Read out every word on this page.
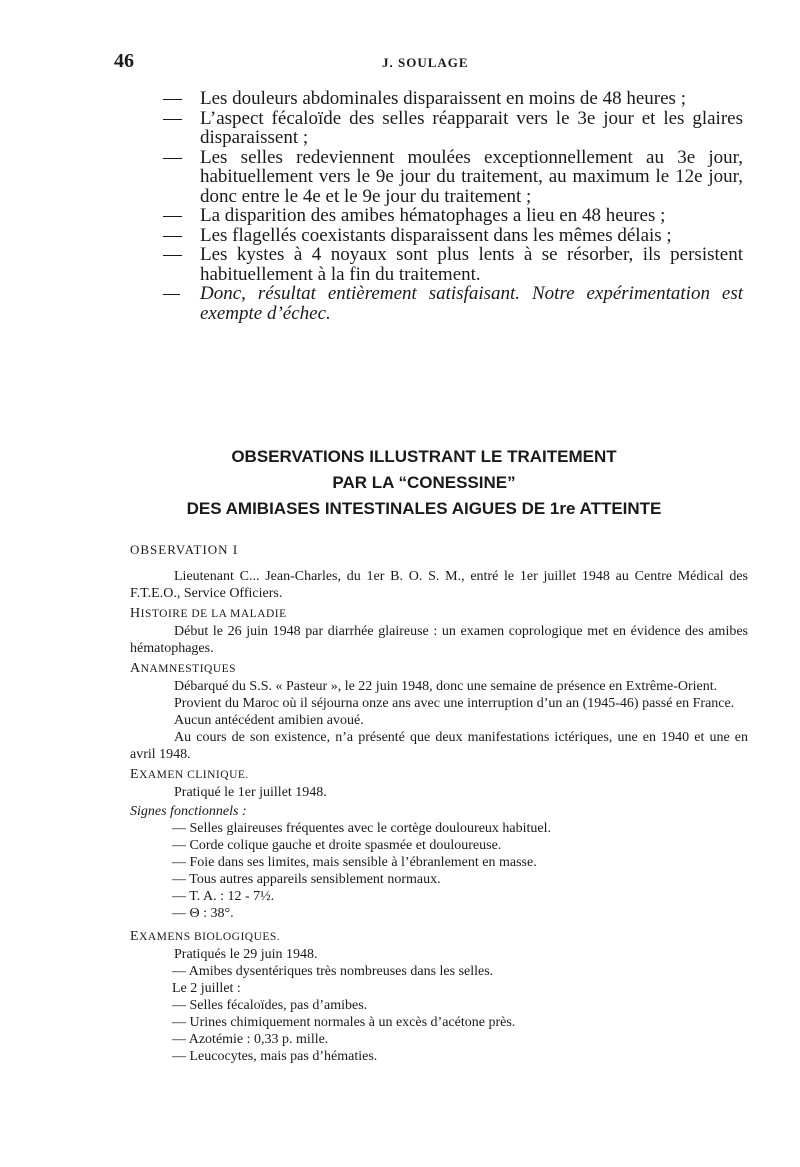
46	J. SOULAGE
— Les douleurs abdominales disparaissent en moins de 48 heures ;
— L’aspect fécaloïde des selles réapparait vers le 3e jour et les glaires disparaissent ;
— Les selles redeviennent moulées exceptionnellement au 3e jour, habituellement vers le 9e jour du traitement, au maximum le 12e jour, donc entre le 4e et le 9e jour du traitement ;
— La disparition des amibes hématophages a lieu en 48 heures ;
— Les flagellés coexistants disparaissent dans les mêmes délais ;
— Les kystes à 4 noyaux sont plus lents à se résorber, ils persistent habituellement à la fin du traitement.
— Donc, résultat entièrement satisfaisant. Notre expérimentation est exempte d’échec.
OBSERVATIONS ILLUSTRANT LE TRAITEMENT
PAR LA “CONESSINE”
DES AMIBIASES INTESTINALES AIGUES DE 1re ATTEINTE
OBSERVATION I
Lieutenant C... Jean-Charles, du 1er B. O. S. M., entré le 1er juillet 1948 au Centre Médical des F.T.E.O., Service Officiers.
HISTOIRE DE LA MALADIE
Début le 26 juin 1948 par diarrhée glaireuse : un examen coprologique met en évidence des amibes hématophages.
ANAMNESTIQUES
Débarqué du S.S. « Pasteur », le 22 juin 1948, donc une semaine de présence en Extrême-Orient.
Provient du Maroc où il séjourna onze ans avec une interruption d’un an (1945-46) passé en France.
Aucun antécédent amibien avoué.
Au cours de son existence, n’a présenté que deux manifestations ictériques, une en 1940 et une en avril 1948.
EXAMEN CLINIQUE.
Pratiqué le 1er juillet 1948.
Signes fonctionnels :
— Selles glaireuses fréquentes avec le cortège douloureux habituel.
— Corde colique gauche et droite spasmée et douloureuse.
— Foie dans ses limites, mais sensible à l’ébranlement en masse.
— Tous autres appareils sensiblement normaux.
— T. A. : 12 - 7½.
— Θ : 38°.
EXAMENS BIOLOGIQUES.
Pratiqués le 29 juin 1948.
— Amibes dysentériques très nombreuses dans les selles.
Le 2 juillet :
— Selles fécaloïdes, pas d’amibes.
— Urines chimiquement normales à un excès d’acétone près.
— Azotémie : 0,33 p. mille.
— Leucocytes, mais pas d’hématies.
